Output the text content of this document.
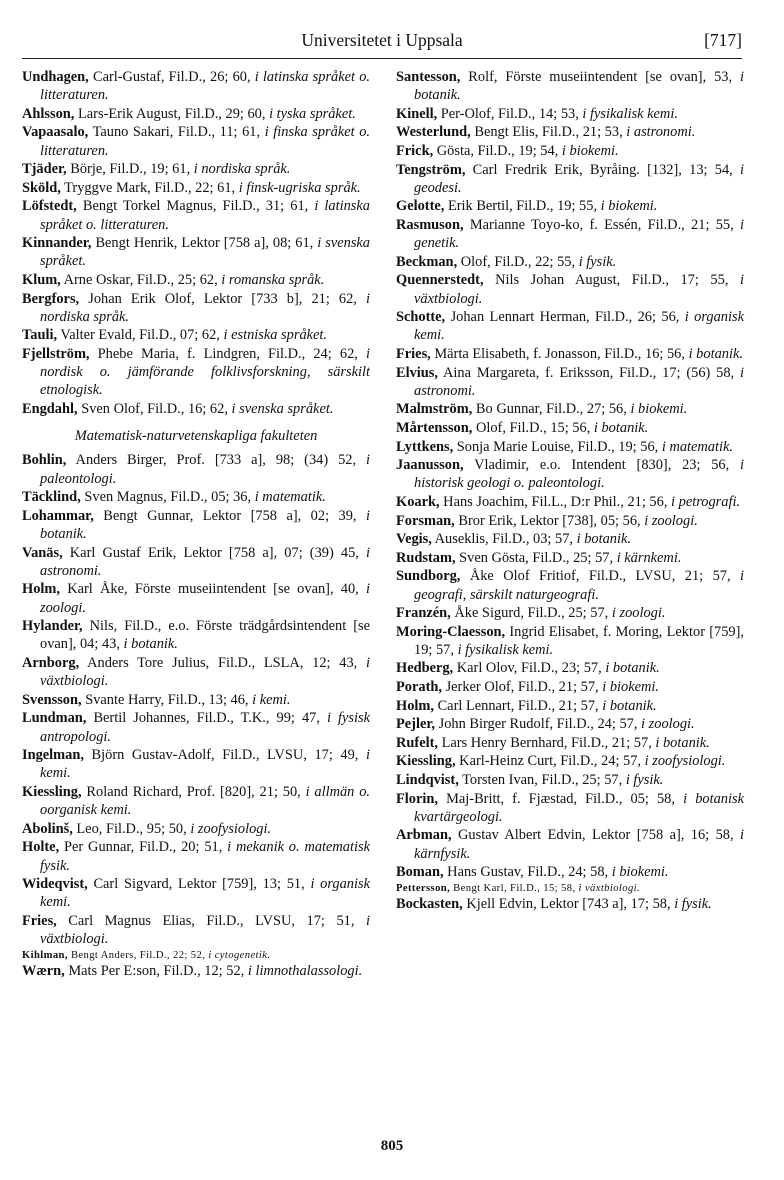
Universitetet i Uppsala	[717]

Undhagen, Carl-Gustaf, Fil.D., 26; 60, i latinska språket o. litteraturen.

Ahlsson, Lars-Erik August, Fil.D., 29; 60, i tyska språket.

Vapaasalo, Tauno Sakari, Fil.D., 11; 61, i finska språket o. litteraturen.

Tjäder, Börje, Fil.D., 19; 61, i nordiska språk.

Sköld, Tryggve Mark, Fil.D., 22; 61, i finsk-ugriska språk.

Löfstedt, Bengt Torkel Magnus, Fil.D., 31; 61, i latinska språket o. litteraturen.

Kinnander, Bengt Henrik, Lektor [758 a], 08; 61, i svenska språket.

Klum, Arne Oskar, Fil.D., 25; 62, i romanska språk.

Bergfors, Johan Erik Olof, Lektor [733 b], 21; 62, i nordiska språk.

Tauli, Valter Evald, Fil.D., 07; 62, i estniska språket.

Fjellström, Phebe Maria, f. Lindgren, Fil.D., 24; 62, i nordisk o. jämförande folklivsforskning, särskilt etnologisk.

Engdahl, Sven Olof, Fil.D., 16; 62, i svenska språket.

Matematisk-naturvetenskapliga fakulteten

Bohlin, Anders Birger, Prof. [733 a], 98; (34) 52, i paleontologi.

Täcklind, Sven Magnus, Fil.D., 05; 36, i matematik.

Lohammar, Bengt Gunnar, Lektor [758 a], 02; 39, i botanik.

Vanäs, Karl Gustaf Erik, Lektor [758 a], 07; (39) 45, i astronomi.

Holm, Karl Åke, Förste museiintendent [se ovan], 40, i zoologi.

Hylander, Nils, Fil.D., e.o. Förste trädgårdsintendent [se ovan], 04; 43, i botanik.

Arnborg, Anders Tore Julius, Fil.D., LSLA, 12; 43, i växtbiologi.

Svensson, Svante Harry, Fil.D., 13; 46, i kemi.

Lundman, Bertil Johannes, Fil.D., T.K., 99; 47, i fysisk antropologi.

Ingelman, Björn Gustav-Adolf, Fil.D., LVSU, 17; 49, i kemi.

Kiessling, Roland Richard, Prof. [820], 21; 50, i allmän o. oorganisk kemi.

Abolinš, Leo, Fil.D., 95; 50, i zoofysiologi.

Holte, Per Gunnar, Fil.D., 20; 51, i mekanik o. matematisk fysik.

Wideqvist, Carl Sigvard, Lektor [759], 13; 51, i organisk kemi.

Fries, Carl Magnus Elias, Fil.D., LVSU, 17; 51, i växtbiologi.

Kihlman, Bengt Anders, Fil.D., 22; 52, i cytogenetik.

Wærn, Mats Per E:son, Fil.D., 12; 52, i limnothalassologi.

Santesson, Rolf, Förste museiintendent [se ovan], 53, i botanik.

Kinell, Per-Olof, Fil.D., 14; 53, i fysikalisk kemi.

Westerlund, Bengt Elis, Fil.D., 21; 53, i astronomi.

Frick, Gösta, Fil.D., 19; 54, i biokemi.

Tengström, Carl Fredrik Erik, Byråing. [132], 13; 54, i geodesi.

Gelotte, Erik Bertil, Fil.D., 19; 55, i biokemi.

Rasmuson, Marianne Toyo-ko, f. Essén, Fil.D., 21; 55, i genetik.

Beckman, Olof, Fil.D., 22; 55, i fysik.

Quennerstedt, Nils Johan August, Fil.D., 17; 55, i växtbiologi.

Schotte, Johan Lennart Herman, Fil.D., 26; 56, i organisk kemi.

Fries, Märta Elisabeth, f. Jonasson, Fil.D., 16; 56, i botanik.

Elvius, Aina Margareta, f. Eriksson, Fil.D., 17; (56) 58, i astronomi.

Malmström, Bo Gunnar, Fil.D., 27; 56, i biokemi.

Mårtensson, Olof, Fil.D., 15; 56, i botanik.

Lyttkens, Sonja Marie Louise, Fil.D., 19; 56, i matematik.

Jaanusson, Vladimir, e.o. Intendent [830], 23; 56, i historisk geologi o. paleontologi.

Koark, Hans Joachim, Fil.L., D:r Phil., 21; 56, i petrografi.

Forsman, Bror Erik, Lektor [738], 05; 56, i zoologi.

Vegis, Auseklis, Fil.D., 03; 57, i botanik.

Rudstam, Sven Gösta, Fil.D., 25; 57, i kärnkemi.

Sundborg, Åke Olof Fritiof, Fil.D., LVSU, 21; 57, i geografi, särskilt naturgeografi.

Franzén, Åke Sigurd, Fil.D., 25; 57, i zoologi.

Moring-Claesson, Ingrid Elisabet, f. Moring, Lektor [759], 19; 57, i fysikalisk kemi.

Hedberg, Karl Olov, Fil.D., 23; 57, i botanik.

Porath, Jerker Olof, Fil.D., 21; 57, i biokemi.

Holm, Carl Lennart, Fil.D., 21; 57, i botanik.

Pejler, John Birger Rudolf, Fil.D., 24; 57, i zoologi.

Rufelt, Lars Henry Bernhard, Fil.D., 21; 57, i botanik.

Kiessling, Karl-Heinz Curt, Fil.D., 24; 57, i zoofysiologi.

Lindqvist, Torsten Ivan, Fil.D., 25; 57, i fysik.

Florin, Maj-Britt, f. Fjæstad, Fil.D., 05; 58, i botanisk kvartärgeologi.

Arbman, Gustav Albert Edvin, Lektor [758 a], 16; 58, i kärnfysik.

Boman, Hans Gustav, Fil.D., 24; 58, i biokemi.

Pettersson, Bengt Karl, Fil.D., 15; 58, i växtbiologi.

Bockasten, Kjell Edvin, Lektor [743 a], 17; 58, i fysik.

805
